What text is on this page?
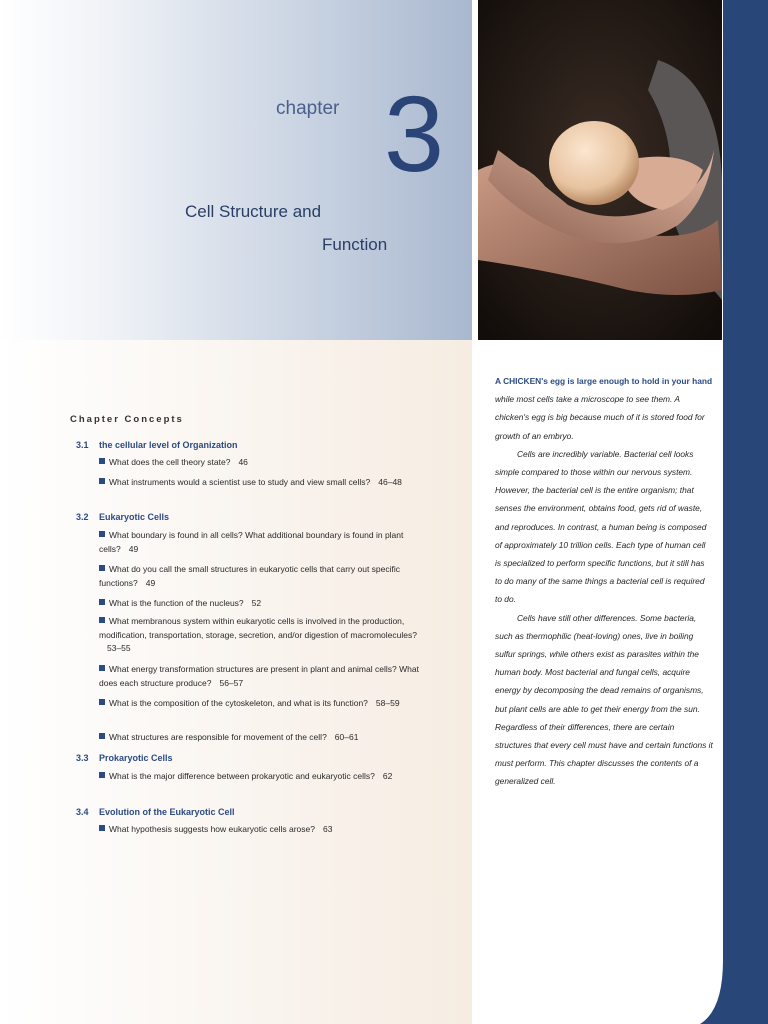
chapter 3
Cell Structure and
Function
Chapter Concepts
3.1 the cellular level of Organization
What does the cell theory state? 46
What instruments would a scientist use to study and view small cells? 46–48
3.2 Eukaryotic Cells
What boundary is found in all cells? What additional boundary is found in plant cells? 49
What do you call the small structures in eukaryotic cells that carry out specific functions? 49
What is the function of the nucleus? 52
What membranous system within eukaryotic cells is involved in the production, modification, transportation, storage, secretion, and/or digestion of macromolecules?53–55
What energy transformation structures are present in plant and animal cells? What does each structure produce? 56–57
What is the composition of the cytoskeleton, and what is its function? 58–59
What structures are responsible for movement of the cell? 60–61
3.3 Prokaryotic Cells
What is the major difference between prokaryotic and eukaryotic cells? 62
3.4 Evolution of the Eukaryotic Cell
What hypothesis suggests how eukaryotic cells arose? 63

A CHICKEN's egg is large enough to hold in your hand while most cells take a microscope to see them. A chicken's egg is big because much of it is stored food for growth of an embryo.

Cells are incredibly variable. Bacterial cell looks simple compared to those within our nervous system. However, the bacterial cell is the entire organism; that senses the environment, obtains food, gets rid of waste, and reproduces. In contrast, a human being is composed of approximately 10 trillion cells. Each type of human cell is specialized to perform specific functions, but it still has to do many of the same things a bacterial cell is required to do.

Cells have still other differences. Some bacteria, such as thermophilic (heat-loving) ones, live in boiling sulfur springs, while others exist as parasites within the human body. Most bacterial and fungal cells, acquire energy by decomposing the dead remains of organisms, but plant cells are able to get their energy from the sun. Regardless of their differences, there are certain structures that every cell must have and certain functions it must perform. This chapter discusses the contents of a generalized cell.
